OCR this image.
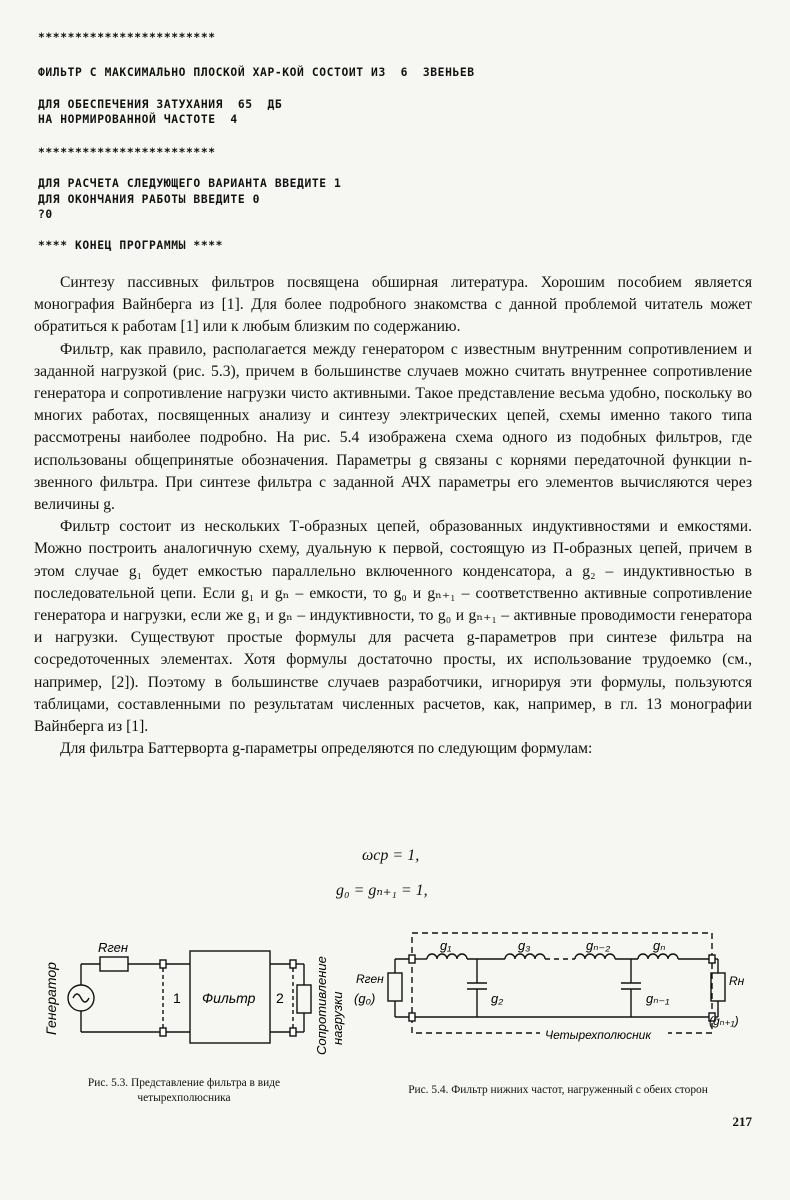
************************
ФИЛЬТР С МАКСИМАЛЬНО ПЛОСКОЙ ХАР-КОЙ СОСТОИТ ИЗ  6  ЗВЕНЬЕВ
ДЛЯ ОБЕСПЕЧЕНИЯ ЗАТУХАНИЯ  65  ДБ
НА НОРМИРОВАННОЙ ЧАСТОТЕ  4
************************
ДЛЯ РАСЧЕТА СЛЕДУЮЩЕГО ВАРИАНТА ВВЕДИТЕ 1
ДЛЯ ОКОНЧАНИЯ РАБОТЫ ВВЕДИТЕ 0
?0
**** КОНЕЦ ПРОГРАММЫ ****

Синтезу пассивных фильтров посвящена обширная литература. Хорошим пособием является монография Вайнберга из [1]. Для более подробного знакомства с данной проблемой читатель может обратиться к работам [1] или к любым близким по содержанию.

Фильтр, как правило, располагается между генератором с известным внутренним сопротивлением и заданной нагрузкой (рис. 5.3), причем в большинстве случаев можно считать внутреннее сопротивление генератора и сопротивление нагрузки чисто активными. Такое представление весьма удобно, поскольку во многих работах, посвященных анализу и синтезу электрических цепей, схемы именно такого типа рассмотрены наиболее подробно. На рис. 5.4 изображена схема одного из подобных фильтров, где использованы общепринятые обозначения. Параметры g связаны с корнями передаточной функции n-звенного фильтра. При синтезе фильтра с заданной АЧХ параметры его элементов вычисляются через величины g.

Фильтр состоит из нескольких Т-образных цепей, образованных индуктивностями и емкостями. Можно построить аналогичную схему, дуальную к первой, состоящую из П-образных цепей, причем в этом случае g₁ будет емкостью параллельно включенного конденсатора, а g₂ – индуктивностью в последовательной цепи. Если g₁ и gₙ – емкости, то g₀ и gₙ₊₁ – соответственно активные сопротивление генератора и нагрузки, если же g₁ и gₙ – индуктивности, то g₀ и gₙ₊₁ – активные проводимости генератора и нагрузки. Существуют простые формулы для расчета g-параметров при синтезе фильтра на сосредоточенных элементах. Хотя формулы достаточно просты, их использование трудоемко (см., например, [2]). Поэтому в большинстве случаев разработчики, игнорируя эти формулы, пользуются таблицами, составленными по результатам численных расчетов, как, например, в гл. 13 монографии Вайнберга из [1].

Для фильтра Баттерворта g-параметры определяются по следующим формулам:

ωср = 1,
g₀ = gₙ₊₁ = 1,
Rген
Генератор	1 Фильтр 2 Сопротивление нагрузки
Rген
(g₀)
g₁	g₃	gₙ₋₂	gₙ
g₂	gₙ₋₁
Rн
(gₙ₊₁)
Четырехполюсник
Рис. 5.3. Представление фильтра в виде четырехполюсника
Рис. 5.4. Фильтр нижних частот, нагруженный с обеих сторон
217
